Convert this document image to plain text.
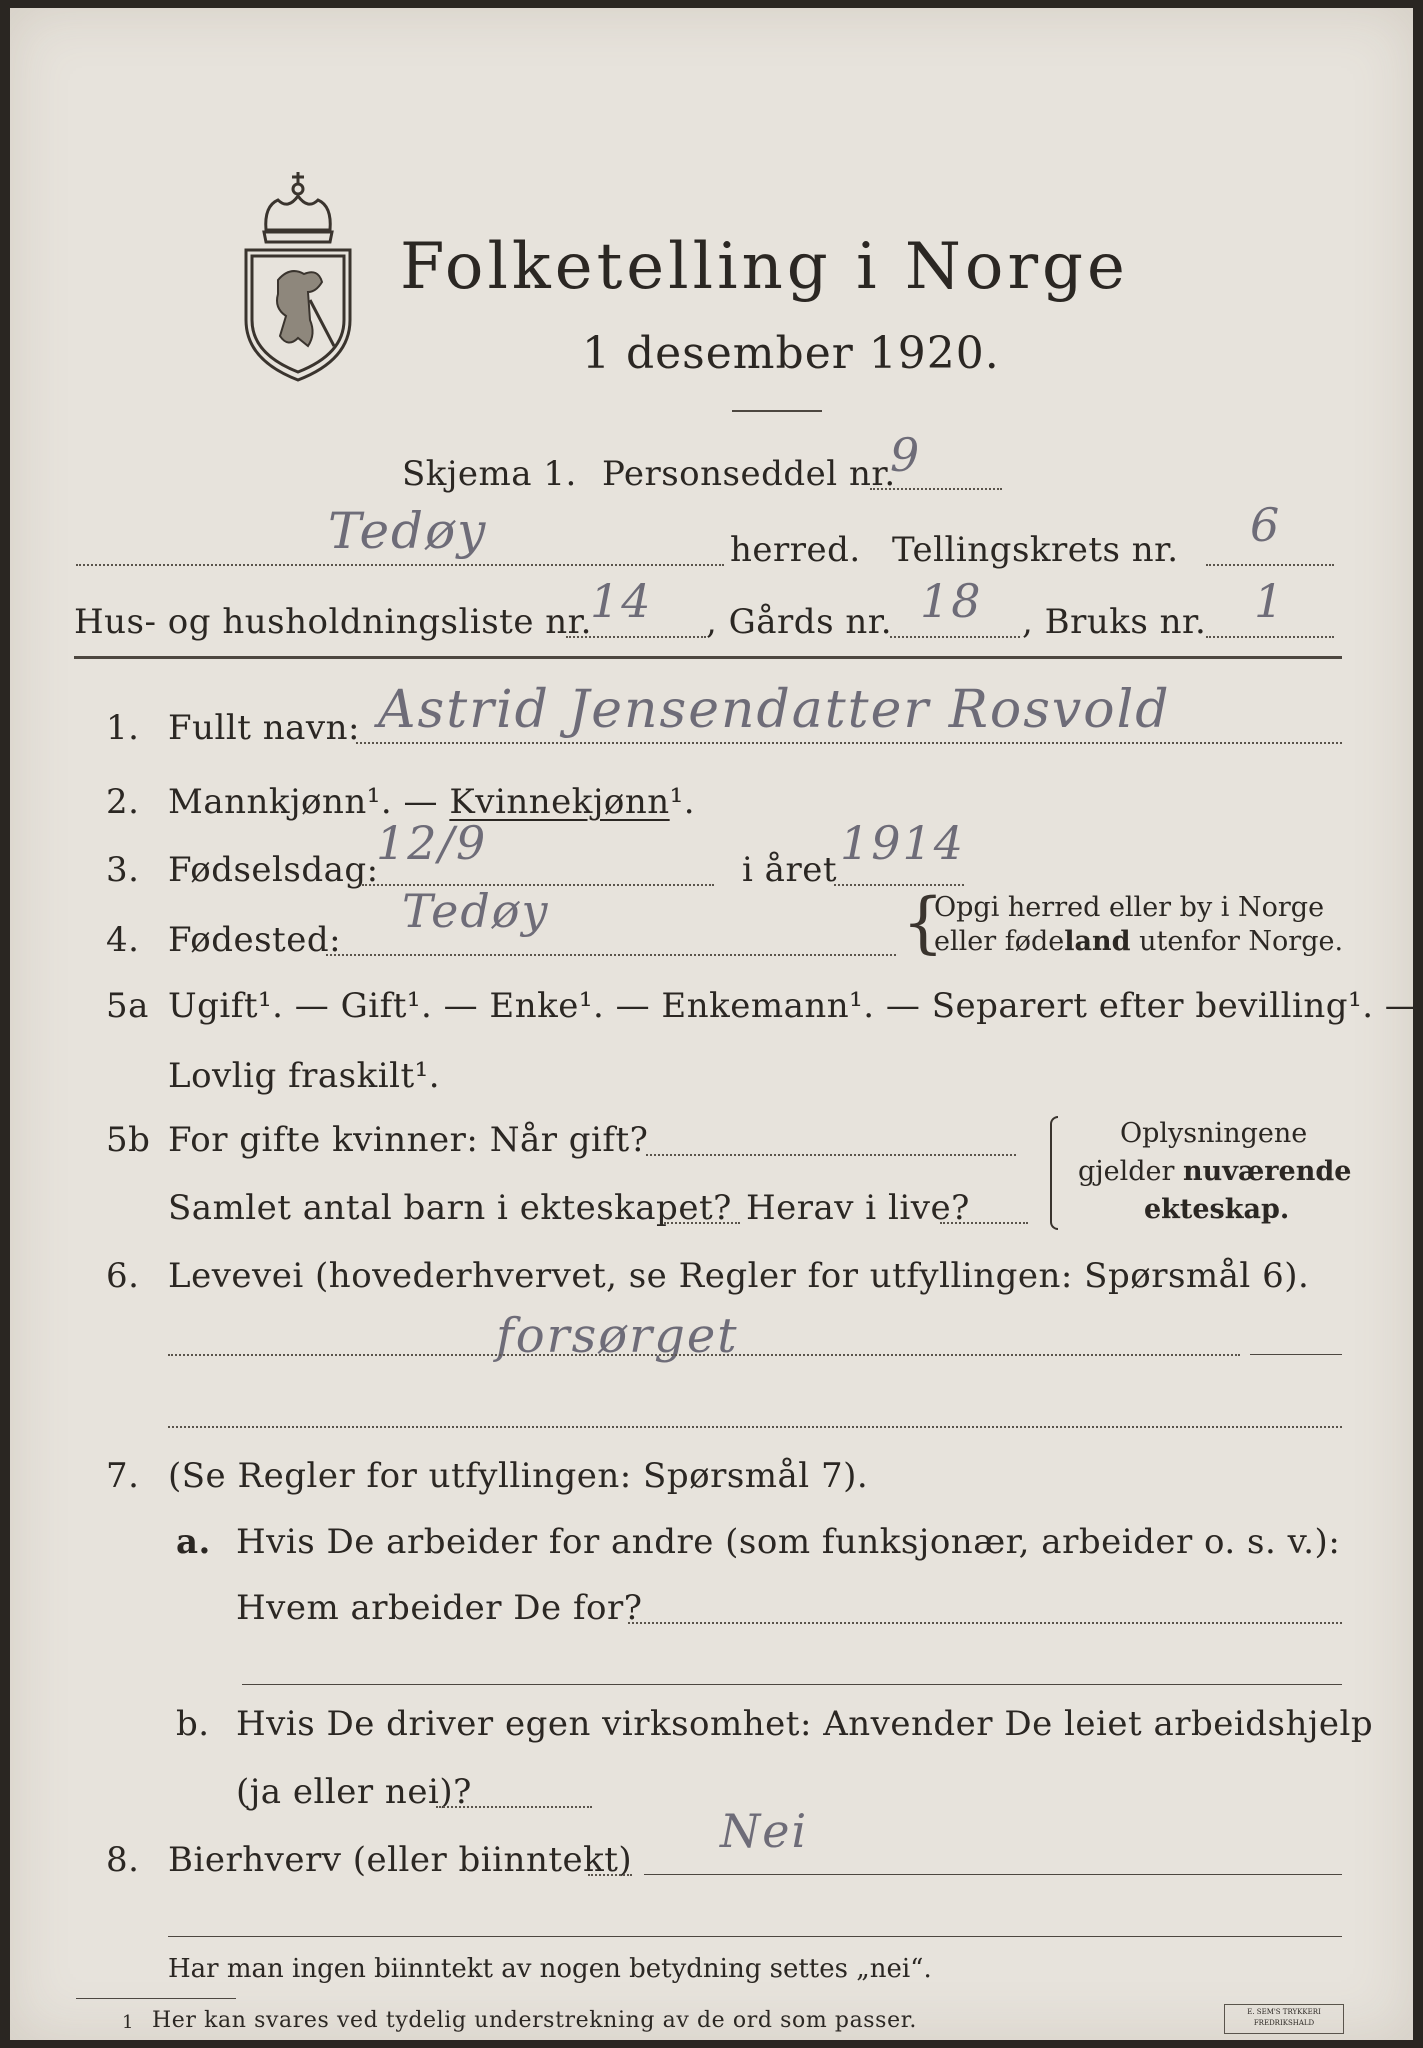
Folketelling i Norge
1 desember 1920.
Skjema 1. Personseddel nr.
9
Tedøy	herred. Tellingskrets nr. 6
Hus- og husholdningsliste nr.
14 , Gårds nr. 18 , Bruks nr. 1
1. Fullt navn: Astrid Jensendatter Rosvold
2. Mannkjønn¹. — Kvinnekjønn¹.
3. Fødselsdag:
12/9	i året 1914
4. Fødested:
Tedøy	{
Opgi herred eller by i Norge
eller fødeland utenfor Norge.
5a Ugift¹. — Gift¹. — Enke¹. — Enkemann¹. — Separert efter bevilling¹. —
Lovlig fraskilt¹.
5b For gifte kvinner: Når gift?
Samlet antal barn i ekteskapet? Herav i live?
Oplysningene
gjelder nuværende
ekteskap.
6. Levevei (hovederhvervet, se Regler for utfyllingen: Spørsmål 6).
forsørget
7. (Se Regler for utfyllingen: Spørsmål 7).
a. Hvis De arbeider for andre (som funksjonær, arbeider o. s. v.):
Hvem arbeider De for?
b. Hvis De driver egen virksomhet: Anvender De leiet arbeidshjelp
(ja eller nei)?
8. Bierhverv (eller biinntekt)
Nei
Har man ingen biinntekt av nogen betydning settes „nei“.
1 Her kan svares ved tydelig understrekning av de ord som passer.	E. SEM'S TRYKKERI
FREDRIKSHALD
